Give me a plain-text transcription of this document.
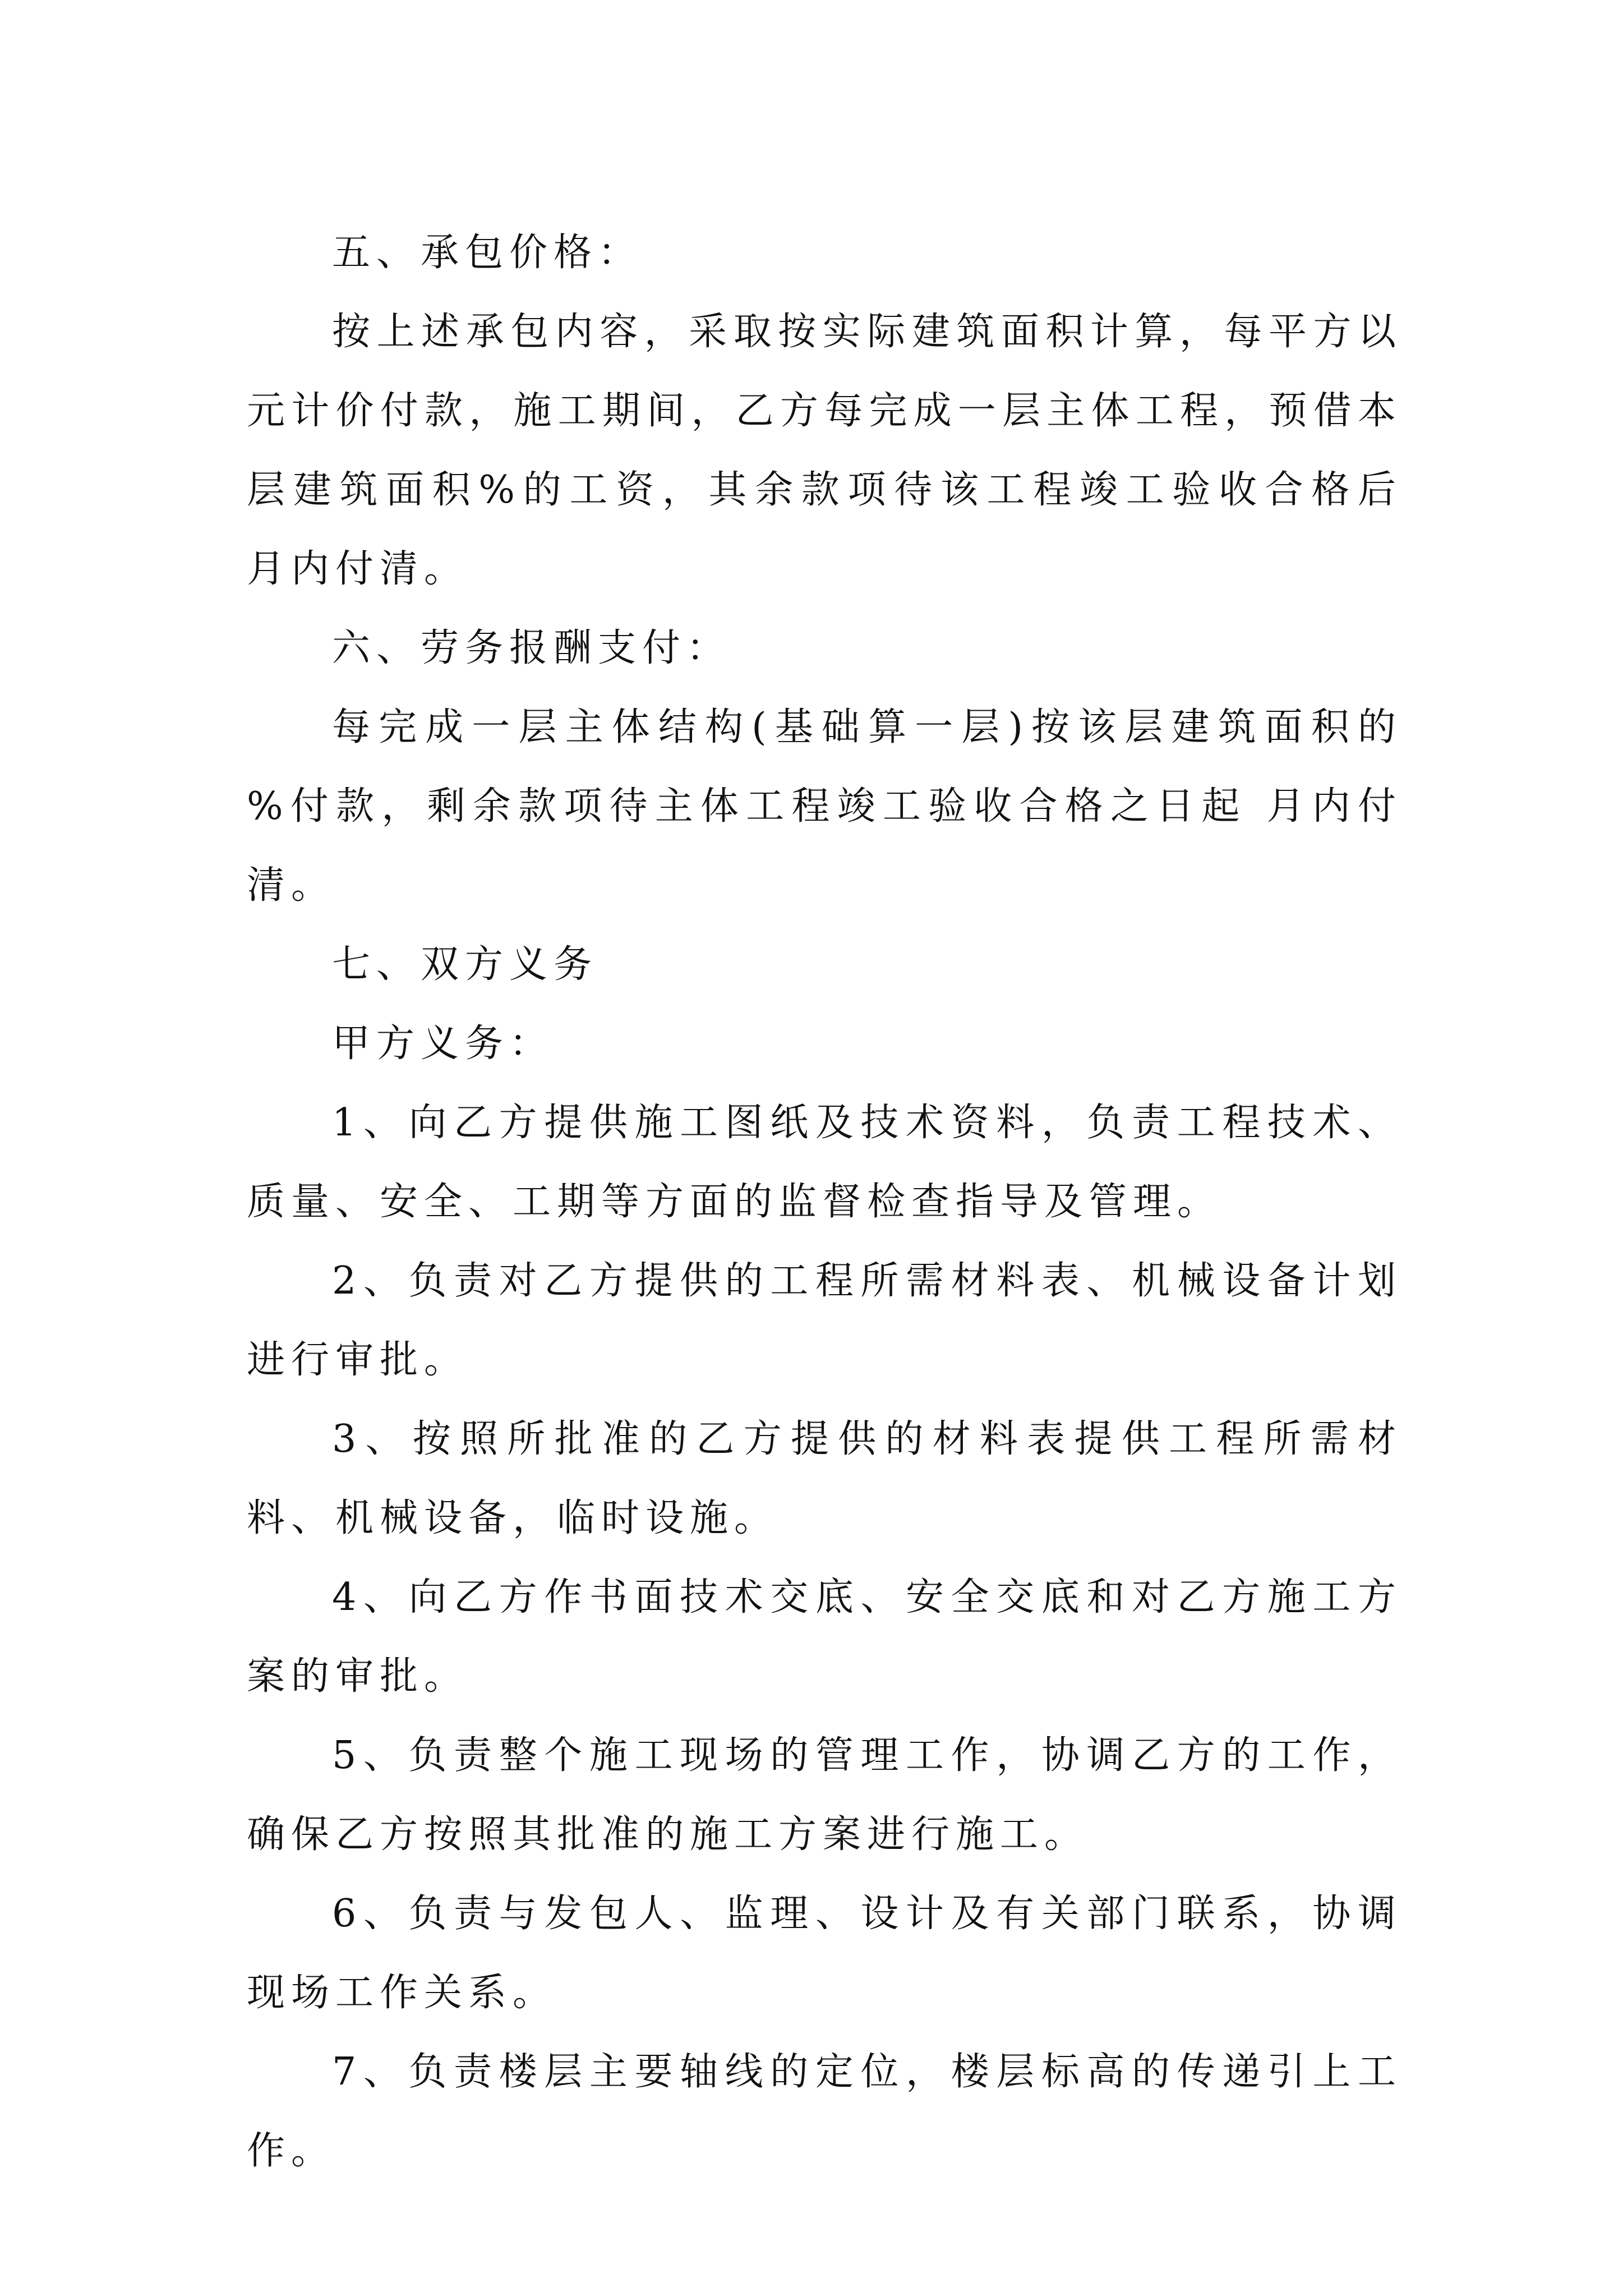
五、承包价格：

按上述承包内容，采取按实际建筑面积计算，每平方以元计价付款，施工期间，乙方每完成一层主体工程，预借本层建筑面积%的工资，其余款项待该工程竣工验收合格后 月内付清。

六、劳务报酬支付：

每完成一层主体结构(基础算一层)按该层建筑面积的 %付款，剩余款项待主体工程竣工验收合格之日起 月内付清。

七、双方义务

甲方义务：

1、向乙方提供施工图纸及技术资料，负责工程技术、质量、安全、工期等方面的监督检查指导及管理。

2、负责对乙方提供的工程所需材料表、机械设备计划进行审批。

3、按照所批准的乙方提供的材料表提供工程所需材料、机械设备，临时设施。

4、向乙方作书面技术交底、安全交底和对乙方施工方案的审批。

5、负责整个施工现场的管理工作，协调乙方的工作，确保乙方按照其批准的施工方案进行施工。

6、负责与发包人、监理、设计及有关部门联系，协调现场工作关系。

7、负责楼层主要轴线的定位，楼层标高的传递引上工作。
